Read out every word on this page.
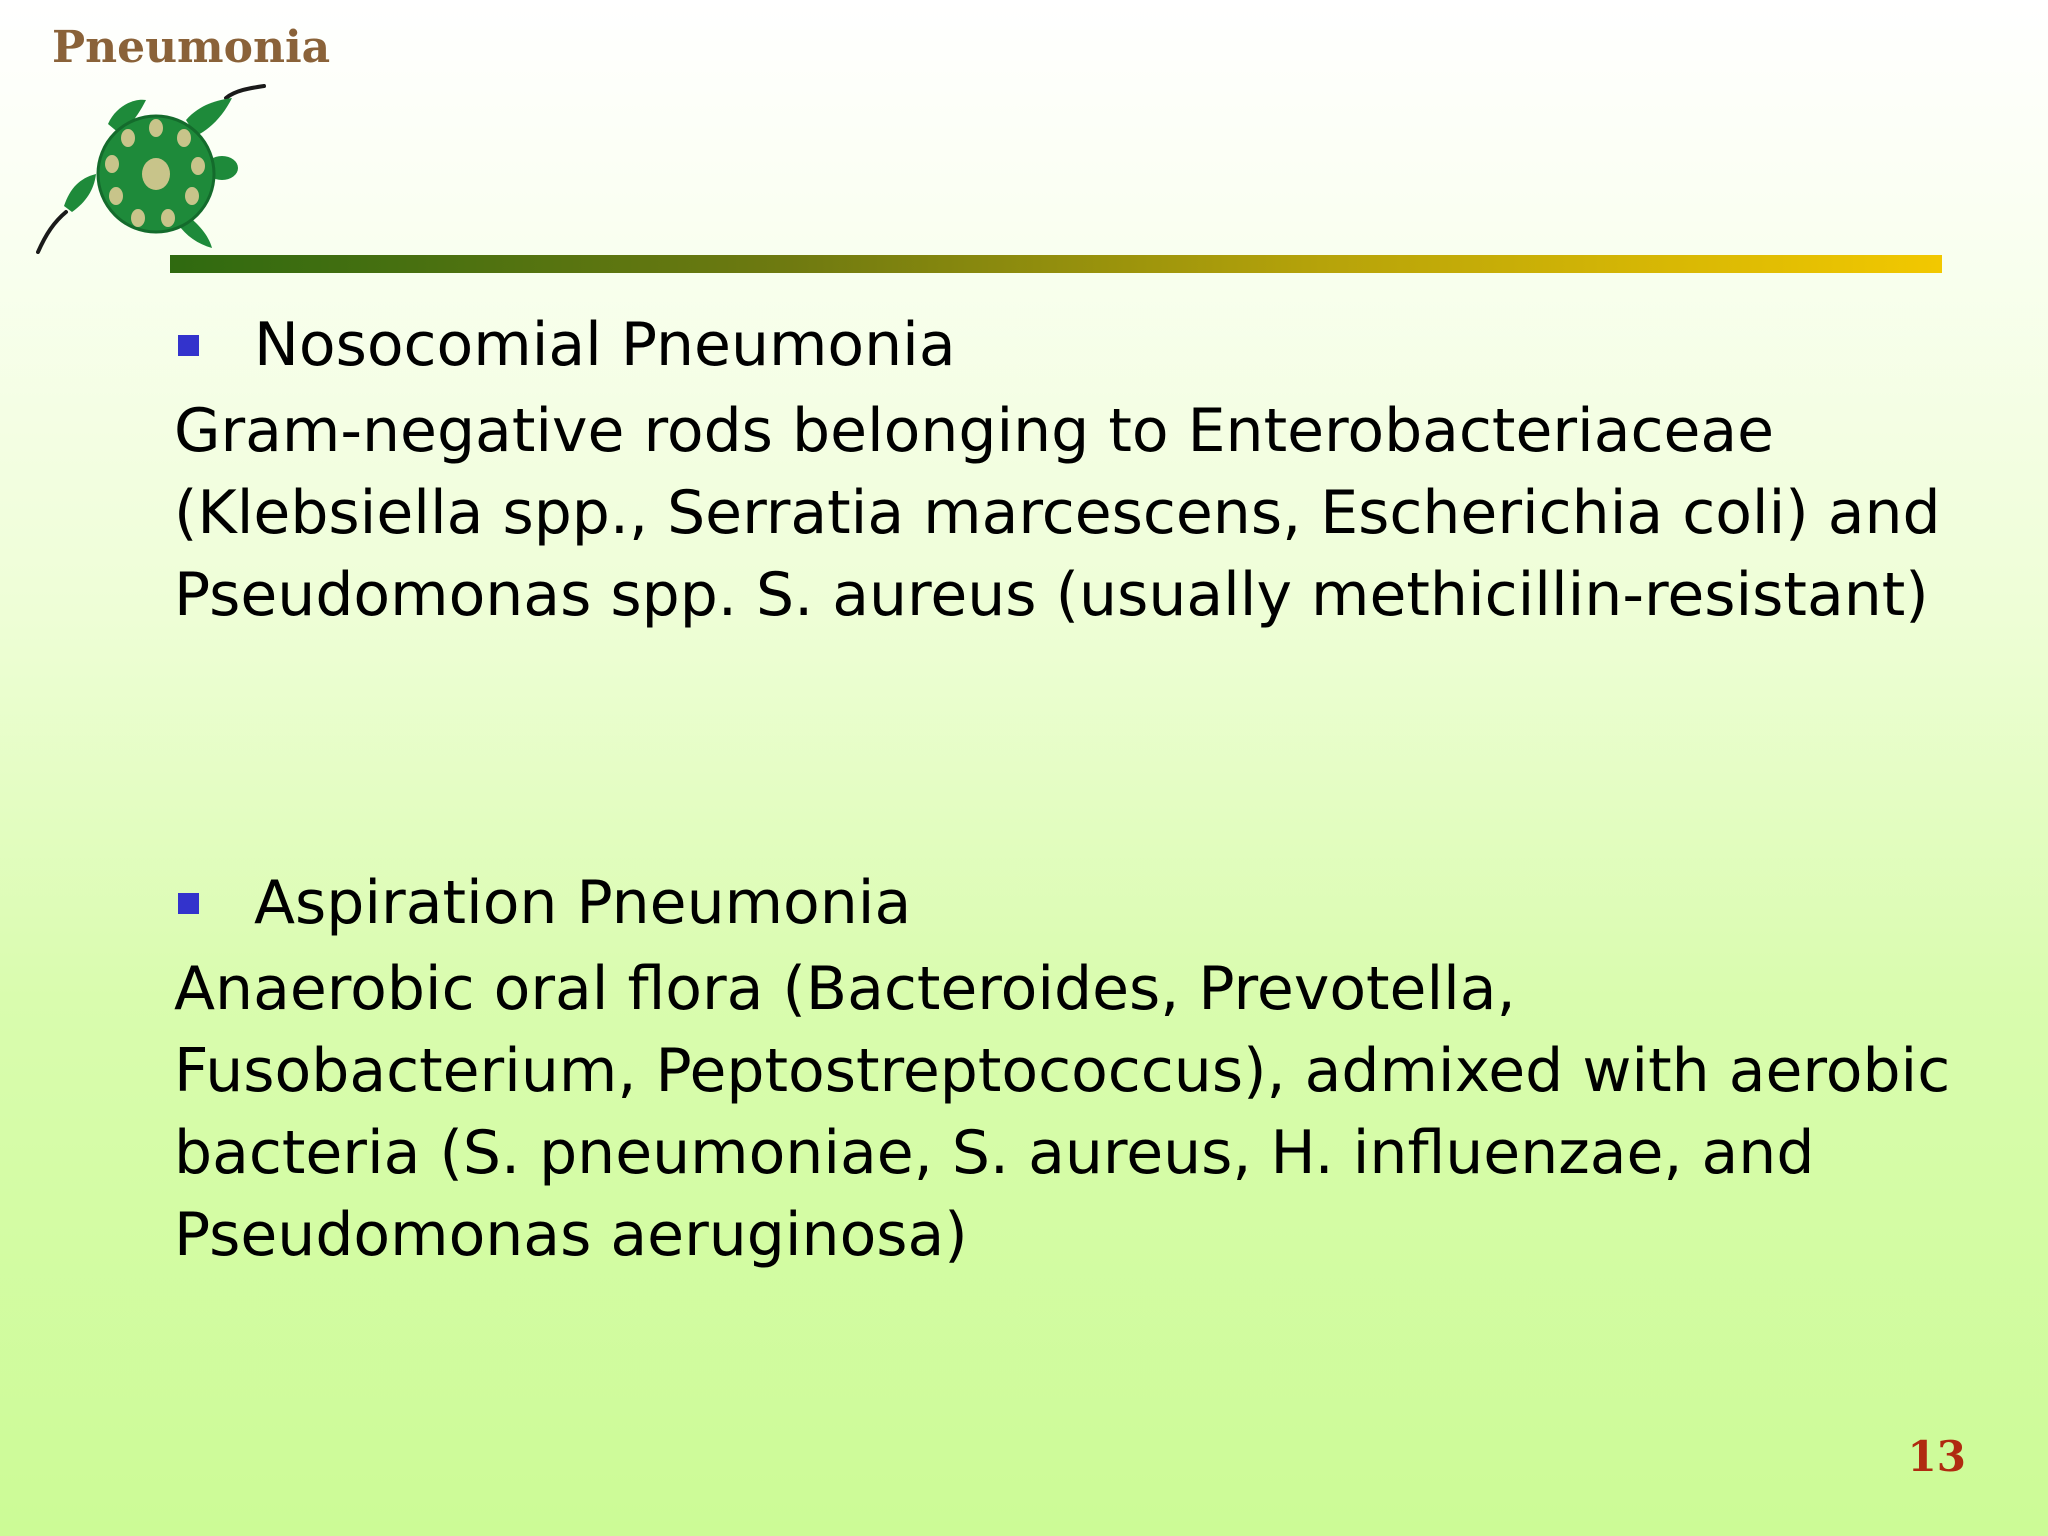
Pneumonia
Nosocomial Pneumonia
Gram-negative rods belonging to Enterobacteriaceae
(Klebsiella spp., Serratia marcescens, Escherichia coli) and
Pseudomonas spp. S. aureus (usually methicillin-resistant)
Aspiration Pneumonia
Anaerobic oral flora (Bacteroides, Prevotella,
Fusobacterium, Peptostreptococcus), admixed with aerobic
bacteria (S. pneumoniae, S. aureus, H. influenzae, and
Pseudomonas aeruginosa)
13
